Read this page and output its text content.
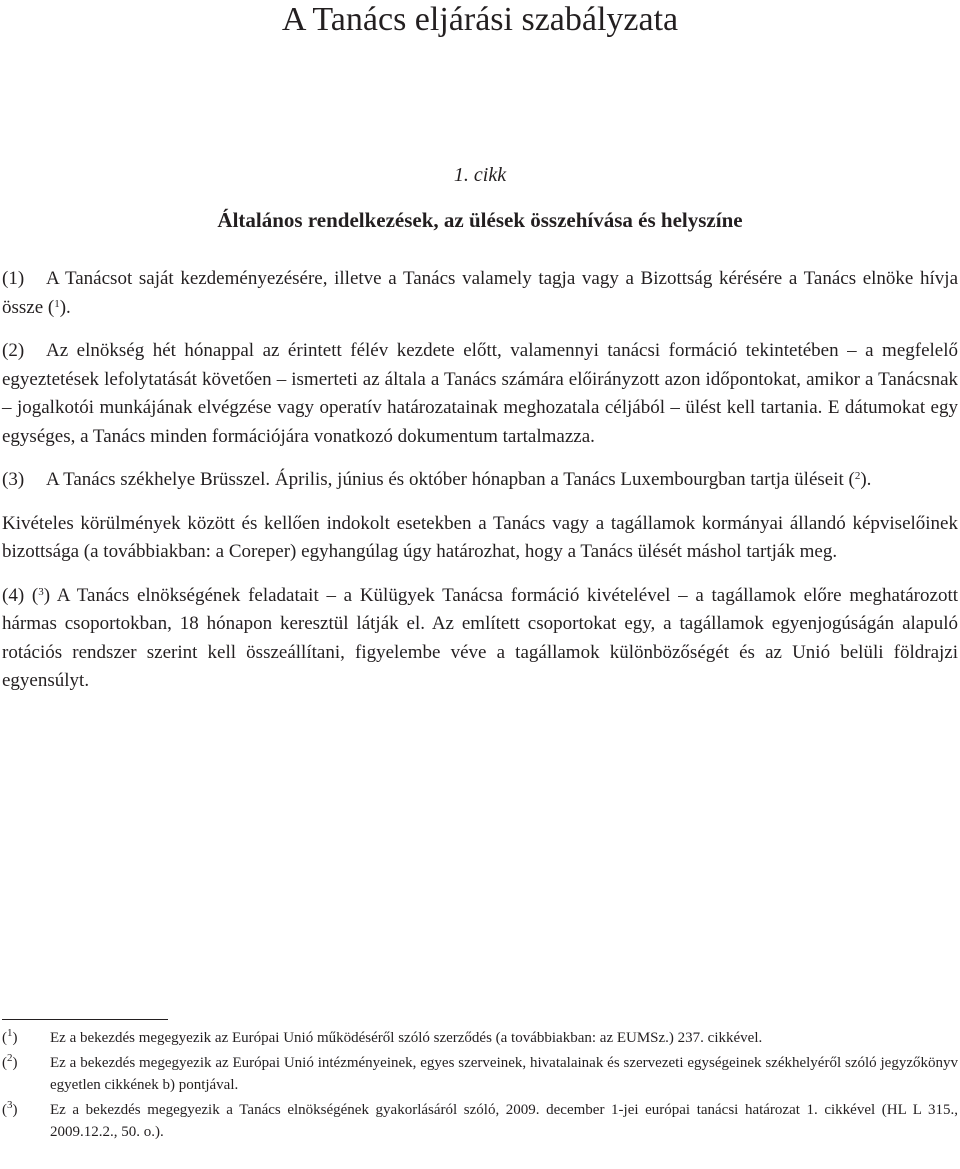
A Tanács eljárási szabályzata
1. cikk
Általános rendelkezések, az ülések összehívása és helyszíne

(1) A Tanácsot saját kezdeményezésére, illetve a Tanács valamely tagja vagy a Bizottság kérésére a Tanács elnöke hívja össze ($^1$).

(2) Az elnökség hét hónappal az érintett félév kezdete előtt, valamennyi tanácsi formáció tekintetében – a megfelelő egyeztetések lefolytatását követően – ismerteti az általa a Tanács számára előirányzott azon időpontokat, amikor a Tanácsnak – jogalkotói munkájának elvégzése vagy operatív határozatainak meghozatala céljából – ülést kell tartania. E dátumokat egy egységes, a Tanács minden formációjára vonatkozó dokumentum tartalmazza.

(3) A Tanács székhelye Brüsszel. Április, június és október hónapban a Tanács Luxembourgban tartja üléseit ($^2$).

Kivételes körülmények között és kellően indokolt esetekben a Tanács vagy a tagállamok kormányai állandó képviselőinek bizottsága (a továbbiakban: a Coreper) egyhangúlag úgy határozhat, hogy a Tanács ülését máshol tartják meg.

(4) ($^3$) A Tanács elnökségének feladatait – a Külügyek Tanácsa formáció kivételével – a tagállamok előre meghatározott hármas csoportokban, 18 hónapon keresztül látják el. Az említett csoportokat egy, a tagállamok egyenjogúságán alapuló rotációs rendszer szerint kell összeállítani, figyelembe véve a tagállamok különbözőségét és az Unió belüli földrajzi egyensúlyt.

($^1$)	Ez a bekezdés megegyezik az Európai Unió működéséről szóló szerződés (a továbbiakban: az EUMSz.) 237. cikkével.
($^2$)	Ez a bekezdés megegyezik az Európai Unió intézményeinek, egyes szerveinek, hivatalainak és szervezeti egységeinek székhelyéről szóló jegyzőkönyv egyetlen cikkének b) pontjával.
($^3$)	Ez a bekezdés megegyezik a Tanács elnökségének gyakorlásáról szóló, 2009. december 1-jei európai tanácsi határozat 1. cikkével (HL L 315., 2009.12.2., 50. o.).
